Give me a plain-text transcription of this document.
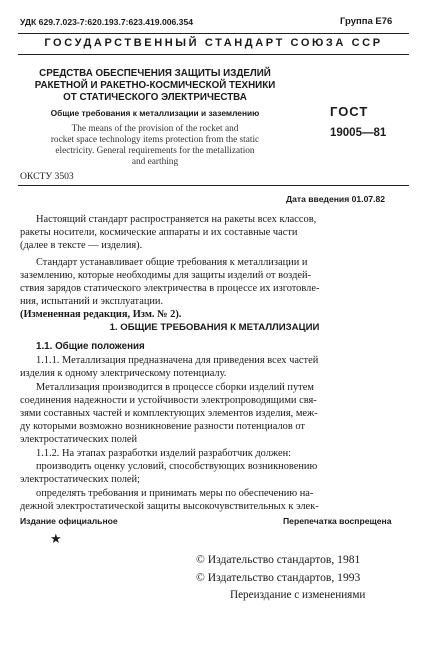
УДК 629.7.023-7:620.193.7:623.419.006.354	Группа Е76
ГОСУДАРСТВЕННЫЙ СТАНДАРТ СОЮЗА ССР
СРЕДСТВА ОБЕСПЕЧЕНИЯ ЗАЩИТЫ ИЗДЕЛИЙ
РАКЕТНОЙ И РАКЕТНО-КОСМИЧЕСКОЙ ТЕХНИКИ
ОТ СТАТИЧЕСКОГО ЭЛЕКТРИЧЕСТВА
Общие требования к металлизации и заземлению
The means of the provision of the rocket and
rocket space technology items protection from the static
electricity. General requirements for the metallization
and earthing
ГОСТ
19005—81
ОКСТУ 3503
Дата введения 01.07.82

Настоящий стандарт распространяется на ракеты всех классов,

ракеты носители, космические аппараты и их составные части

(далее в тексте — изделия).

Стандарт устанавливает общие требования к металлизации и

заземлению, которые необходимы для защиты изделий от воздей-

ствия зарядов статического электричества в процессе их изготовле-

ния, испытаний и эксплуатации.

(Измененная редакция, Изм. № 2).

1. ОБЩИЕ ТРЕБОВАНИЯ К МЕТАЛЛИЗАЦИИ

1.1. Общие положения

1.1.1. Металлизация предназначена для приведения всех частей

изделия к одному электрическому потенциалу.

Металлизация производится в процессе сборки изделий путем

соединения надежности и устойчивости электропроводящими свя-

зями составных частей и комплектующих элементов изделия, меж-

ду которыми возможно возникновение разности потенциалов от

электростатических полей

1.1.2. На этапах разработки изделий разработчик должен:

производить оценку условий, способствующих возникновению

электростатических полей;

определять требования и принимать меры по обеспечению на-

дежной электростатической защиты высокочувствительных к элек-

Издание официальное	Перепечатка воспрещена
★
© Издательство стандартов, 1981
© Издательство стандартов, 1993
Переиздание с изменениями
